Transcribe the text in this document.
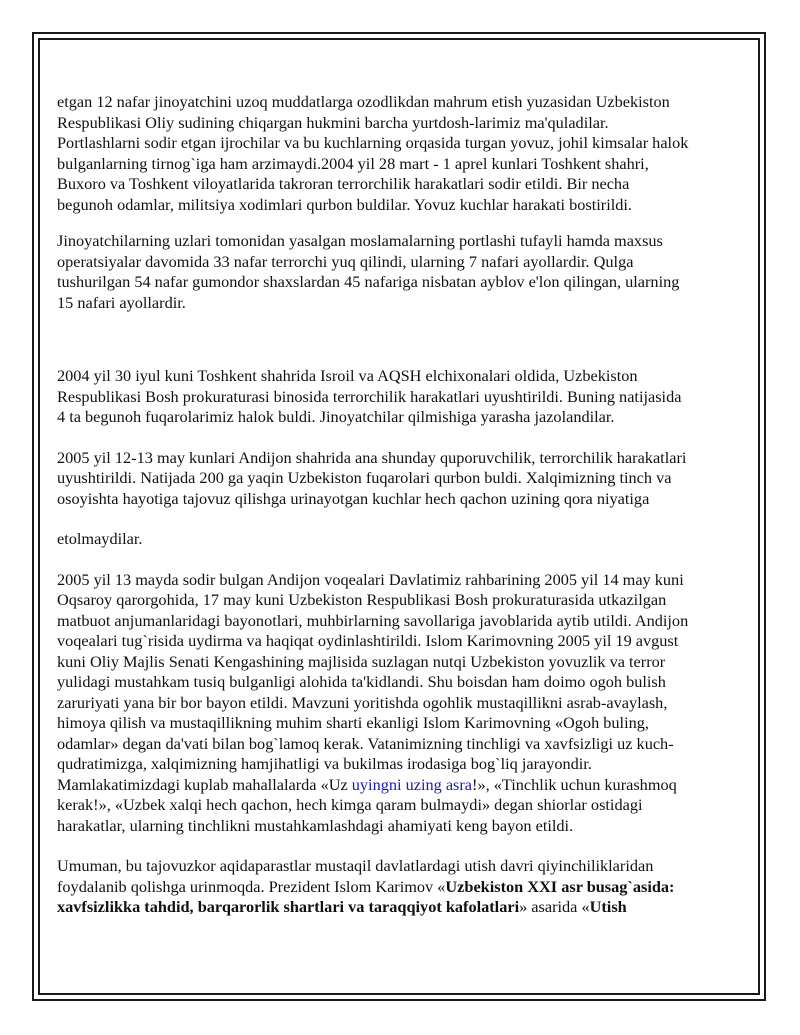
etgan 12 nafar jinoyatchini uzoq muddatlarga ozodlikdan mahrum etish yuzasidan Uzbekiston
Respublikasi Oliy sudining chiqargan hukmini barcha yurtdosh-larimiz ma'quladilar.
Portlashlarni sodir etgan ijrochilar va bu kuchlarning orqasida turgan yovuz, johil kimsalar halok
bulganlarning tirnog`iga ham arzimaydi.2004 yil 28 mart - 1 aprel kunlari Toshkent shahri,
Buxoro va Toshkent viloyatlarida takroran terrorchilik harakatlari sodir etildi. Bir necha
begunoh odamlar, militsiya xodimlari qurbon buldilar. Yovuz kuchlar harakati bostirildi.

Jinoyatchilarning uzlari tomonidan yasalgan moslamalarning portlashi tufayli hamda maxsus
operatsiyalar davomida 33 nafar terrorchi yuq qilindi, ularning 7 nafari ayollardir. Qulga
tushurilgan 54 nafar gumondor shaxslardan 45 nafariga nisbatan ayblov e'lon qilingan, ularning
15 nafari ayollardir.

2004 yil 30 iyul kuni Toshkent shahrida Isroil va AQSH elchixonalari oldida, Uzbekiston
Respublikasi Bosh prokuraturasi binosida terrorchilik harakatlari uyushtirildi. Buning natijasida
4 ta begunoh fuqarolarimiz halok buldi. Jinoyatchilar qilmishiga yarasha jazolandilar.

2005 yil 12-13 may kunlari Andijon shahrida ana shunday quporuvchilik, terrorchilik harakatlari
uyushtirildi. Natijada 200 ga yaqin Uzbekiston fuqarolari qurbon buldi. Xalqimizning tinch va
osoyishta hayotiga tajovuz qilishga urinayotgan kuchlar hech qachon uzining qora niyatiga

etolmaydilar.

2005 yil 13 mayda sodir bulgan Andijon voqealari Davlatimiz rahbarining 2005 yil 14 may kuni
Oqsaroy qarorgohida, 17 may kuni Uzbekiston Respublikasi Bosh prokuraturasida utkazilgan
matbuot anjumanlaridagi bayonotlari, muhbirlarning savollariga javoblarida aytib utildi. Andijon
voqealari tug`risida uydirma va haqiqat oydinlashtirildi. Islom Karimovning 2005 yil 19 avgust
kuni Oliy Majlis Senati Kengashining majlisida suzlagan nutqi Uzbekiston yovuzlik va terror
yulidagi mustahkam tusiq bulganligi alohida ta'kidlandi. Shu boisdan ham doimo ogoh bulish
zaruriyati yana bir bor bayon etildi. Mavzuni yoritishda ogohlik mustaqillikni asrab-avaylash,
himoya qilish va mustaqillikning muhim sharti ekanligi Islom Karimovning «Ogoh buling,
odamlar» degan da'vati bilan bog`lamoq kerak. Vatanimizning tinchligi va xavfsizligi uz kuch-
qudratimizga, xalqimizning hamjihatligi va bukilmas irodasiga bog`liq jarayondir.
Mamlakatimizdagi kuplab mahallalarda «Uz uyingni uzing asra!», «Tinchlik uchun kurashmoq
kerak!», «Uzbek xalqi hech qachon, hech kimga qaram bulmaydi» degan shiorlar ostidagi
harakatlar, ularning tinchlikni mustahkamlashdagi ahamiyati keng bayon etildi.

Umuman, bu tajovuzkor aqidaparastlar mustaqil davlatlardagi utish davri qiyinchiliklaridan
foydalanib qolishga urinmoqda. Prezident Islom Karimov «Uzbekiston XXI asr busag`asida:
xavfsizlikka tahdid, barqarorlik shartlari va taraqqiyot kafolatlari» asarida «Utish
